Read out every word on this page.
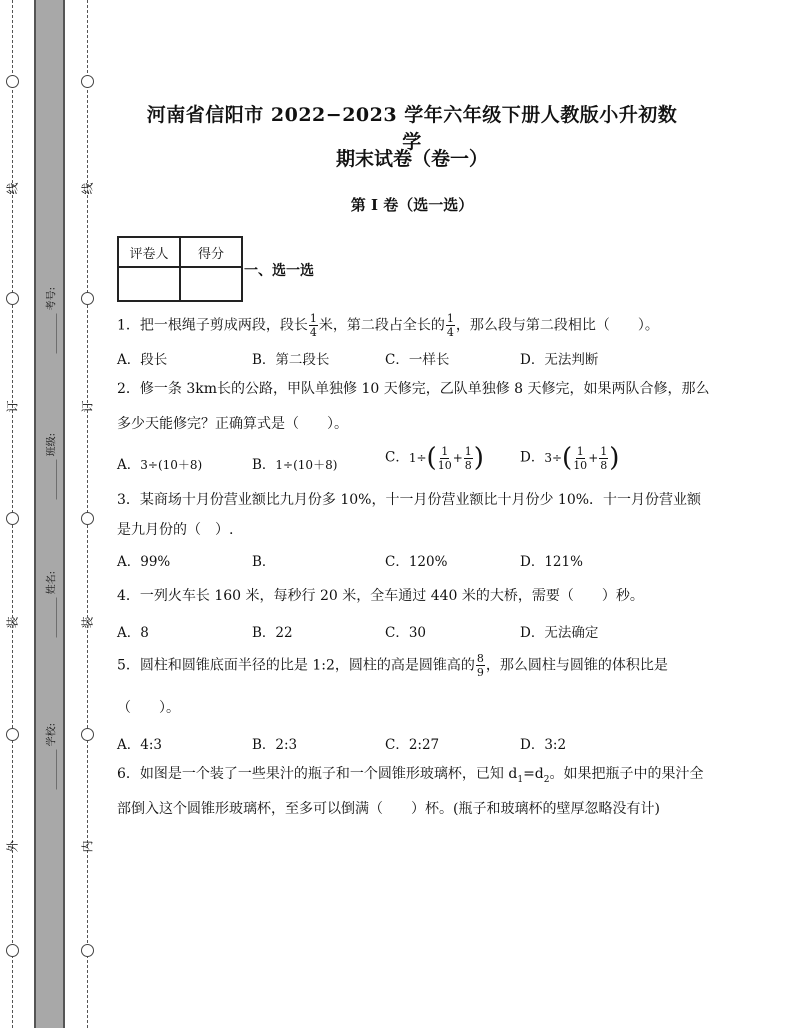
线
订
装
外
线
订
装
内
________ 考号:
________ 班级:
________ 姓名:
________ 学校:
河南省信阳市 2022−2023 学年六年级下册人教版小升初数学
期末试卷（卷一）
第 I 卷（选一选）
评卷人	得分

一、选一选
1．把一根绳子剪成两段，段长 $\frac{1}{4}$ 米，第二段占全长的 $\frac{1}{4}$ ，那么段与第二段相比（　　）。
A．段长	B．第二段长	C．一样长	D．无法判断
2．修一条 3km长的公路，甲队单独修 10 天修完，乙队单独修 8 天修完，如果两队合修，那么
多少天能修完？正确算式是（　　）。
A．3÷(10＋8)	B．1÷(10＋8)	C．$1\div( \frac{1}{10} + \frac{1}{8}$ )	D．$3\div( \frac{1}{10} + \frac{1}{8}$ )
3．某商场十月份营业额比九月份多 10%，十一月份营业额比十月份少 10%．十一月份营业额
是九月份的（　）.
A．99%	B．	C．120%	D．121%
4．一列火车长 160 米，每秒行 20 米，全车通过 440 米的大桥，需要（　　）秒。
A．8	B．22	C．30	D．无法确定
5．圆柱和圆锥底面半径的比是 1:2，圆柱的高是圆锥高的 $\frac{8}{9}$ ，那么圆柱与圆锥的体积比是
（　　）。
A．4:3	B．2:3	C．2:27	D．3:2
6．如图是一个装了一些果汁的瓶子和一个圆锥形玻璃杯，已知 $d_1=d_2$。如果把瓶子中的果汁全
部倒入这个圆锥形玻璃杯，至多可以倒满（　　）杯。(瓶子和玻璃杯的壁厚忽略没有计)
